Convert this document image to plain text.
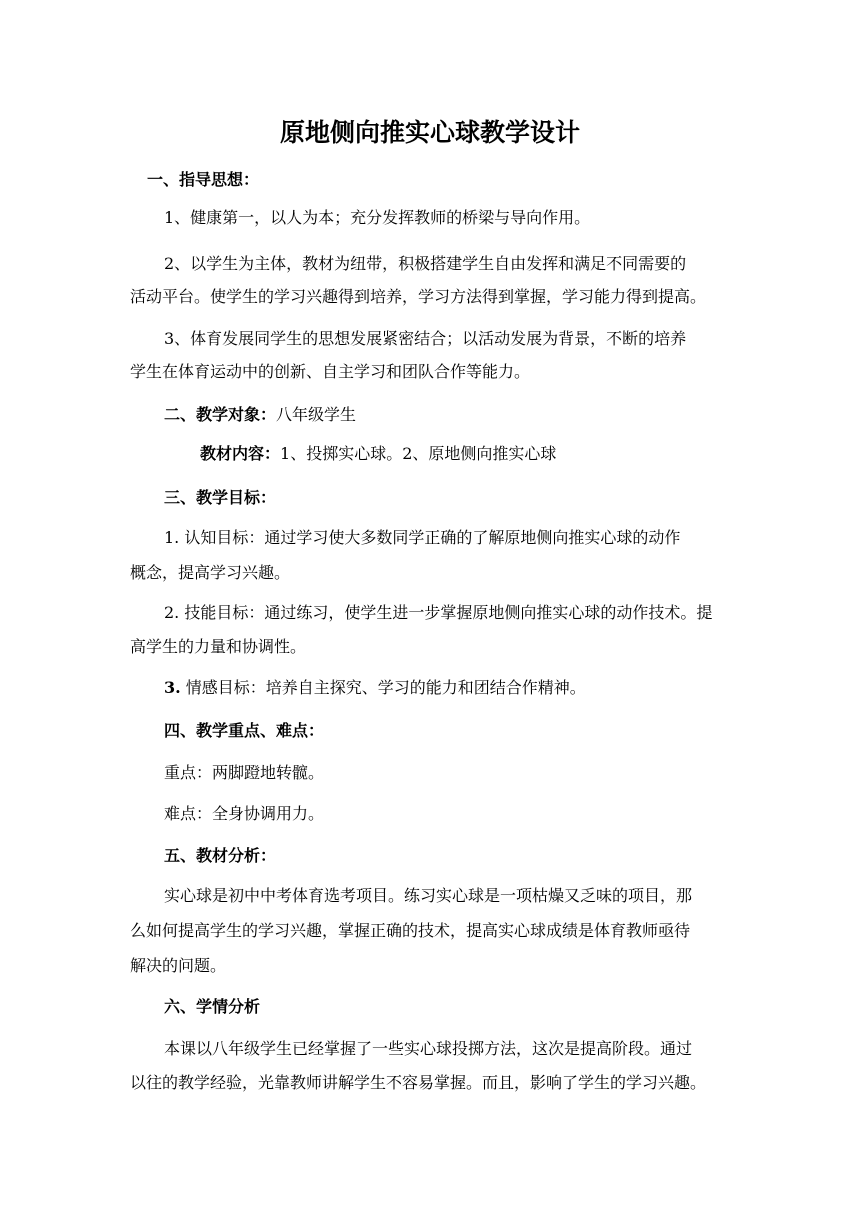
原地侧向推实心球教学设计
一、指导思想：
1、健康第一，以人为本；充分发挥教师的桥梁与导向作用。
2、以学生为主体，教材为纽带，积极搭建学生自由发挥和满足不同需要的
活动平台。使学生的学习兴趣得到培养，学习方法得到掌握，学习能力得到提高。
3、体育发展同学生的思想发展紧密结合；以活动发展为背景，不断的培养
学生在体育运动中的创新、自主学习和团队合作等能力。
二、教学对象：八年级学生
教材内容：1、投掷实心球。2、原地侧向推实心球
三、教学目标：
1. 认知目标：通过学习使大多数同学正确的了解原地侧向推实心球的动作
概念，提高学习兴趣。
2. 技能目标：通过练习，使学生进一步掌握原地侧向推实心球的动作技术。提
高学生的力量和协调性。
3. 情感目标：培养自主探究、学习的能力和团结合作精神。
四、教学重点、难点：
重点：两脚蹬地转髋。
难点：全身协调用力。
五、教材分析：
实心球是初中中考体育选考项目。练习实心球是一项枯燥又乏味的项目，那
么如何提高学生的学习兴趣，掌握正确的技术，提高实心球成绩是体育教师亟待
解决的问题。
六、学情分析
本课以八年级学生已经掌握了一些实心球投掷方法，这次是提高阶段。通过
以往的教学经验，光靠教师讲解学生不容易掌握。而且，影响了学生的学习兴趣。
